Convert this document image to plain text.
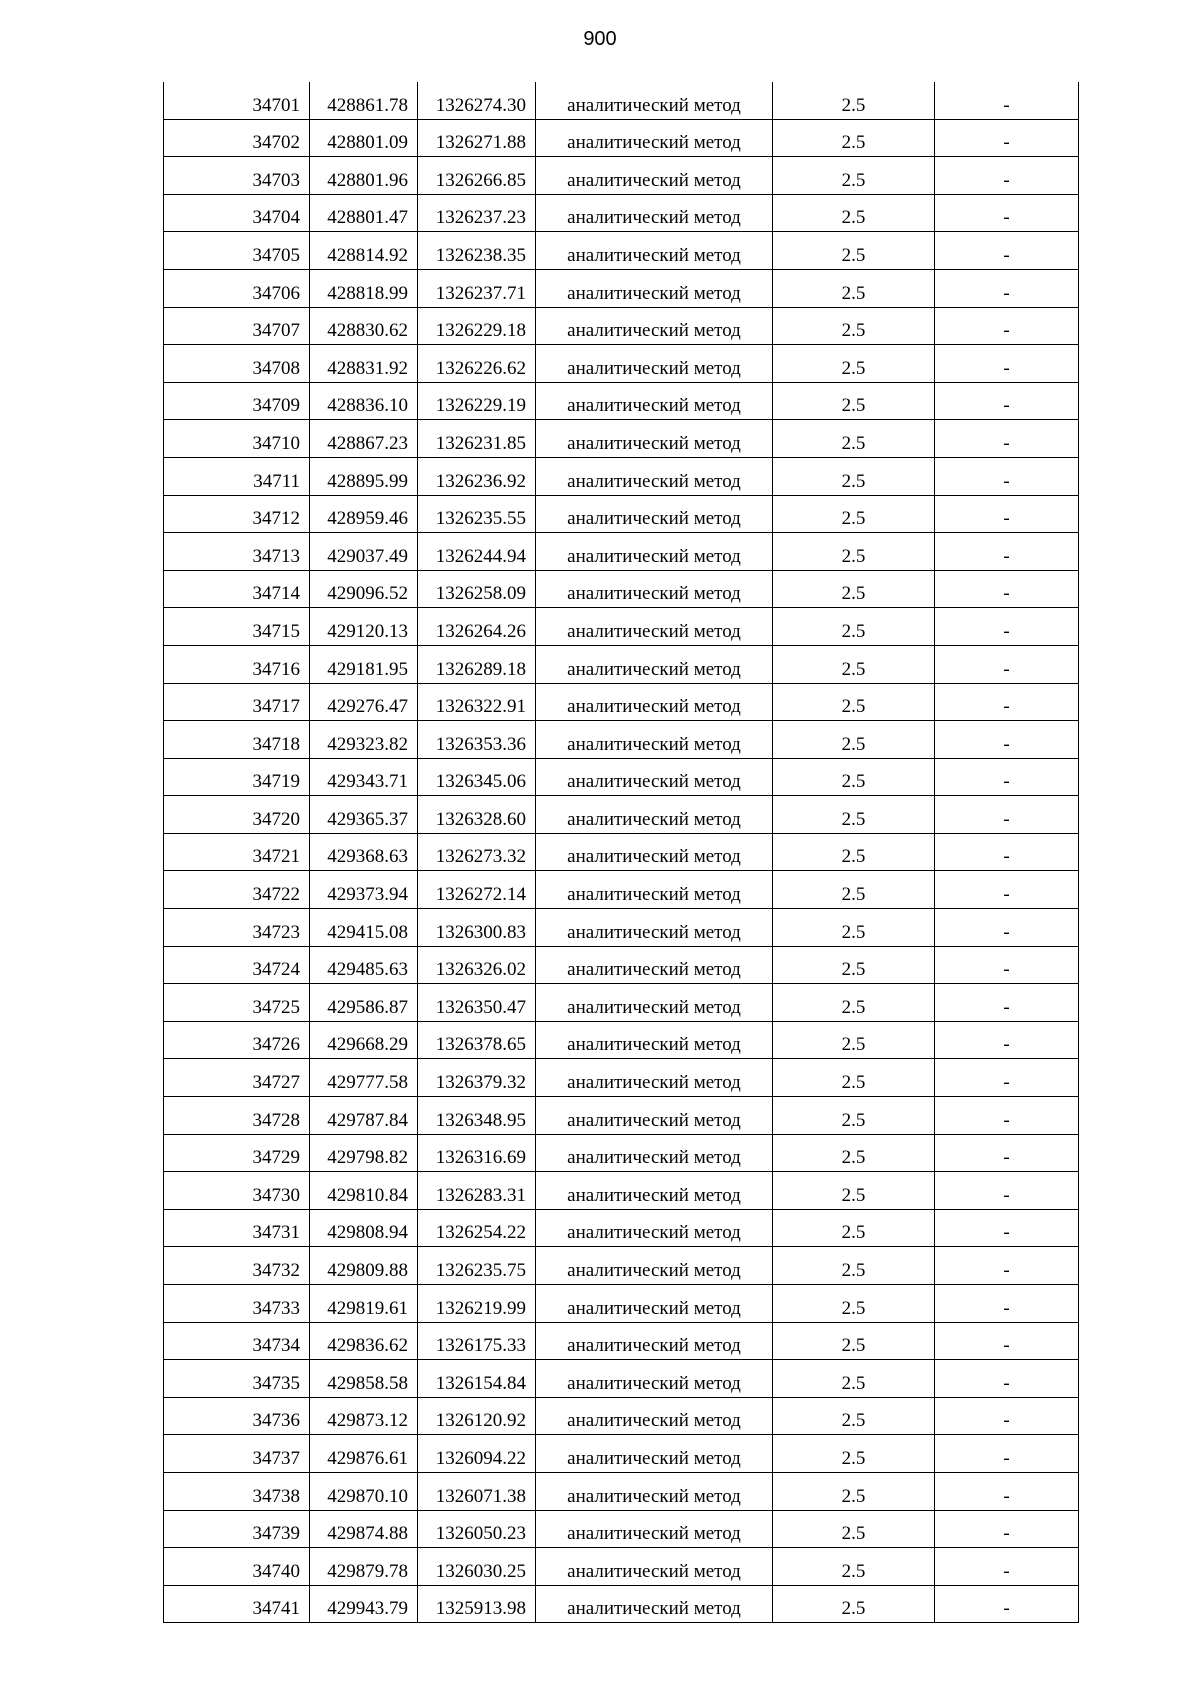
900
34701	428861.78	1326274.30	аналитический метод	2.5	-
34702	428801.09	1326271.88	аналитический метод	2.5	-
34703	428801.96	1326266.85	аналитический метод	2.5	-
34704	428801.47	1326237.23	аналитический метод	2.5	-
34705	428814.92	1326238.35	аналитический метод	2.5	-
34706	428818.99	1326237.71	аналитический метод	2.5	-
34707	428830.62	1326229.18	аналитический метод	2.5	-
34708	428831.92	1326226.62	аналитический метод	2.5	-
34709	428836.10	1326229.19	аналитический метод	2.5	-
34710	428867.23	1326231.85	аналитический метод	2.5	-
34711	428895.99	1326236.92	аналитический метод	2.5	-
34712	428959.46	1326235.55	аналитический метод	2.5	-
34713	429037.49	1326244.94	аналитический метод	2.5	-
34714	429096.52	1326258.09	аналитический метод	2.5	-
34715	429120.13	1326264.26	аналитический метод	2.5	-
34716	429181.95	1326289.18	аналитический метод	2.5	-
34717	429276.47	1326322.91	аналитический метод	2.5	-
34718	429323.82	1326353.36	аналитический метод	2.5	-
34719	429343.71	1326345.06	аналитический метод	2.5	-
34720	429365.37	1326328.60	аналитический метод	2.5	-
34721	429368.63	1326273.32	аналитический метод	2.5	-
34722	429373.94	1326272.14	аналитический метод	2.5	-
34723	429415.08	1326300.83	аналитический метод	2.5	-
34724	429485.63	1326326.02	аналитический метод	2.5	-
34725	429586.87	1326350.47	аналитический метод	2.5	-
34726	429668.29	1326378.65	аналитический метод	2.5	-
34727	429777.58	1326379.32	аналитический метод	2.5	-
34728	429787.84	1326348.95	аналитический метод	2.5	-
34729	429798.82	1326316.69	аналитический метод	2.5	-
34730	429810.84	1326283.31	аналитический метод	2.5	-
34731	429808.94	1326254.22	аналитический метод	2.5	-
34732	429809.88	1326235.75	аналитический метод	2.5	-
34733	429819.61	1326219.99	аналитический метод	2.5	-
34734	429836.62	1326175.33	аналитический метод	2.5	-
34735	429858.58	1326154.84	аналитический метод	2.5	-
34736	429873.12	1326120.92	аналитический метод	2.5	-
34737	429876.61	1326094.22	аналитический метод	2.5	-
34738	429870.10	1326071.38	аналитический метод	2.5	-
34739	429874.88	1326050.23	аналитический метод	2.5	-
34740	429879.78	1326030.25	аналитический метод	2.5	-
34741	429943.79	1325913.98	аналитический метод	2.5	-
